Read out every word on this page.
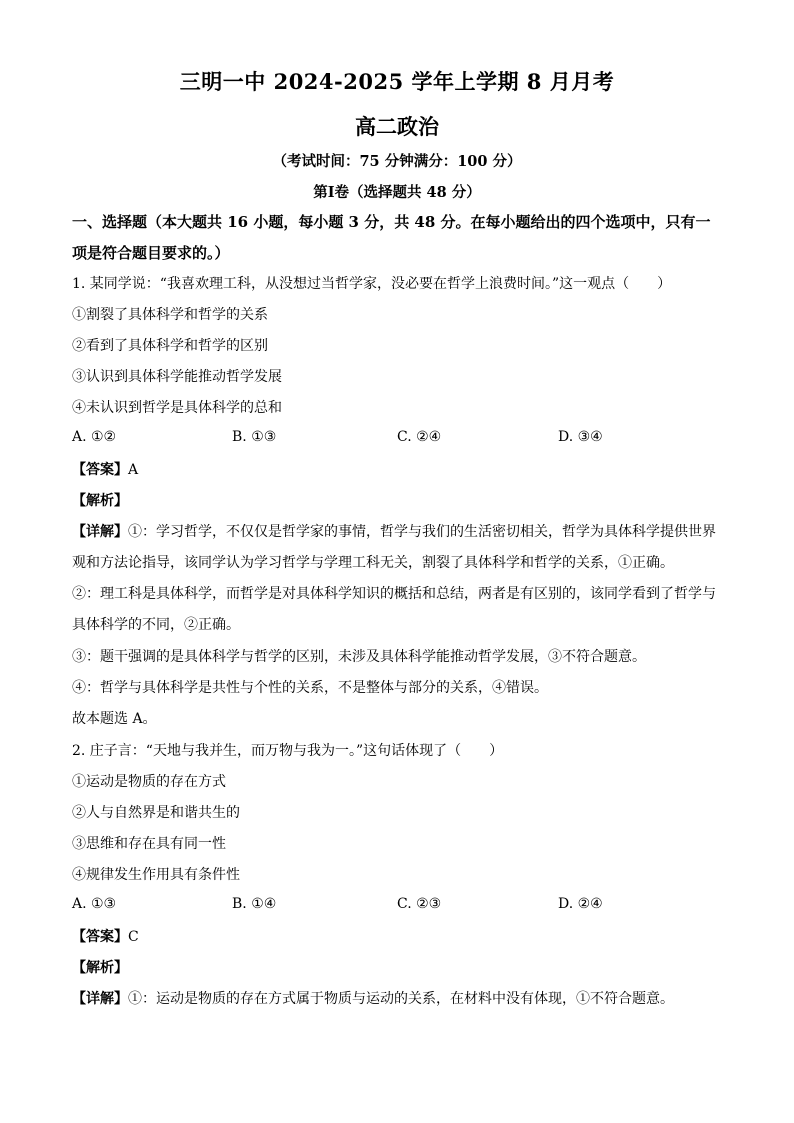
三明一中 2024-2025 学年上学期 8 月月考
高二政治
（考试时间：75 分钟满分：100 分）
第Ⅰ卷（选择题共 48 分）
一、选择题（本大题共 16 小题，每小题 3 分，共 48 分。在每小题给出的四个选项中，只有一项是符合题目要求的。）
1. 某同学说：“我喜欢理工科，从没想过当哲学家，没必要在哲学上浪费时间。”这一观点（　　）
①割裂了具体科学和哲学的关系
②看到了具体科学和哲学的区别
③认识到具体科学能推动哲学发展
④未认识到哲学是具体科学的总和
A. ①②	B. ①③	C. ②④	D. ③④
【答案】A
【解析】
【详解】①：学习哲学，不仅仅是哲学家的事情，哲学与我们的生活密切相关，哲学为具体科学提供世界观和方法论指导，该同学认为学习哲学与学理工科无关，割裂了具体科学和哲学的关系，①正确。
②：理工科是具体科学，而哲学是对具体科学知识的概括和总结，两者是有区别的，该同学看到了哲学与具体科学的不同，②正确。
③：题干强调的是具体科学与哲学的区别，未涉及具体科学能推动哲学发展，③不符合题意。
④：哲学与具体科学是共性与个性的关系，不是整体与部分的关系，④错误。
故本题选 A。
2. 庄子言：“天地与我并生，而万物与我为一。”这句话体现了（　　）
①运动是物质的存在方式
②人与自然界是和谐共生的
③思维和存在具有同一性
④规律发生作用具有条件性
A. ①③	B. ①④	C. ②③	D. ②④
【答案】C
【解析】
【详解】①：运动是物质的存在方式属于物质与运动的关系，在材料中没有体现，①不符合题意。
